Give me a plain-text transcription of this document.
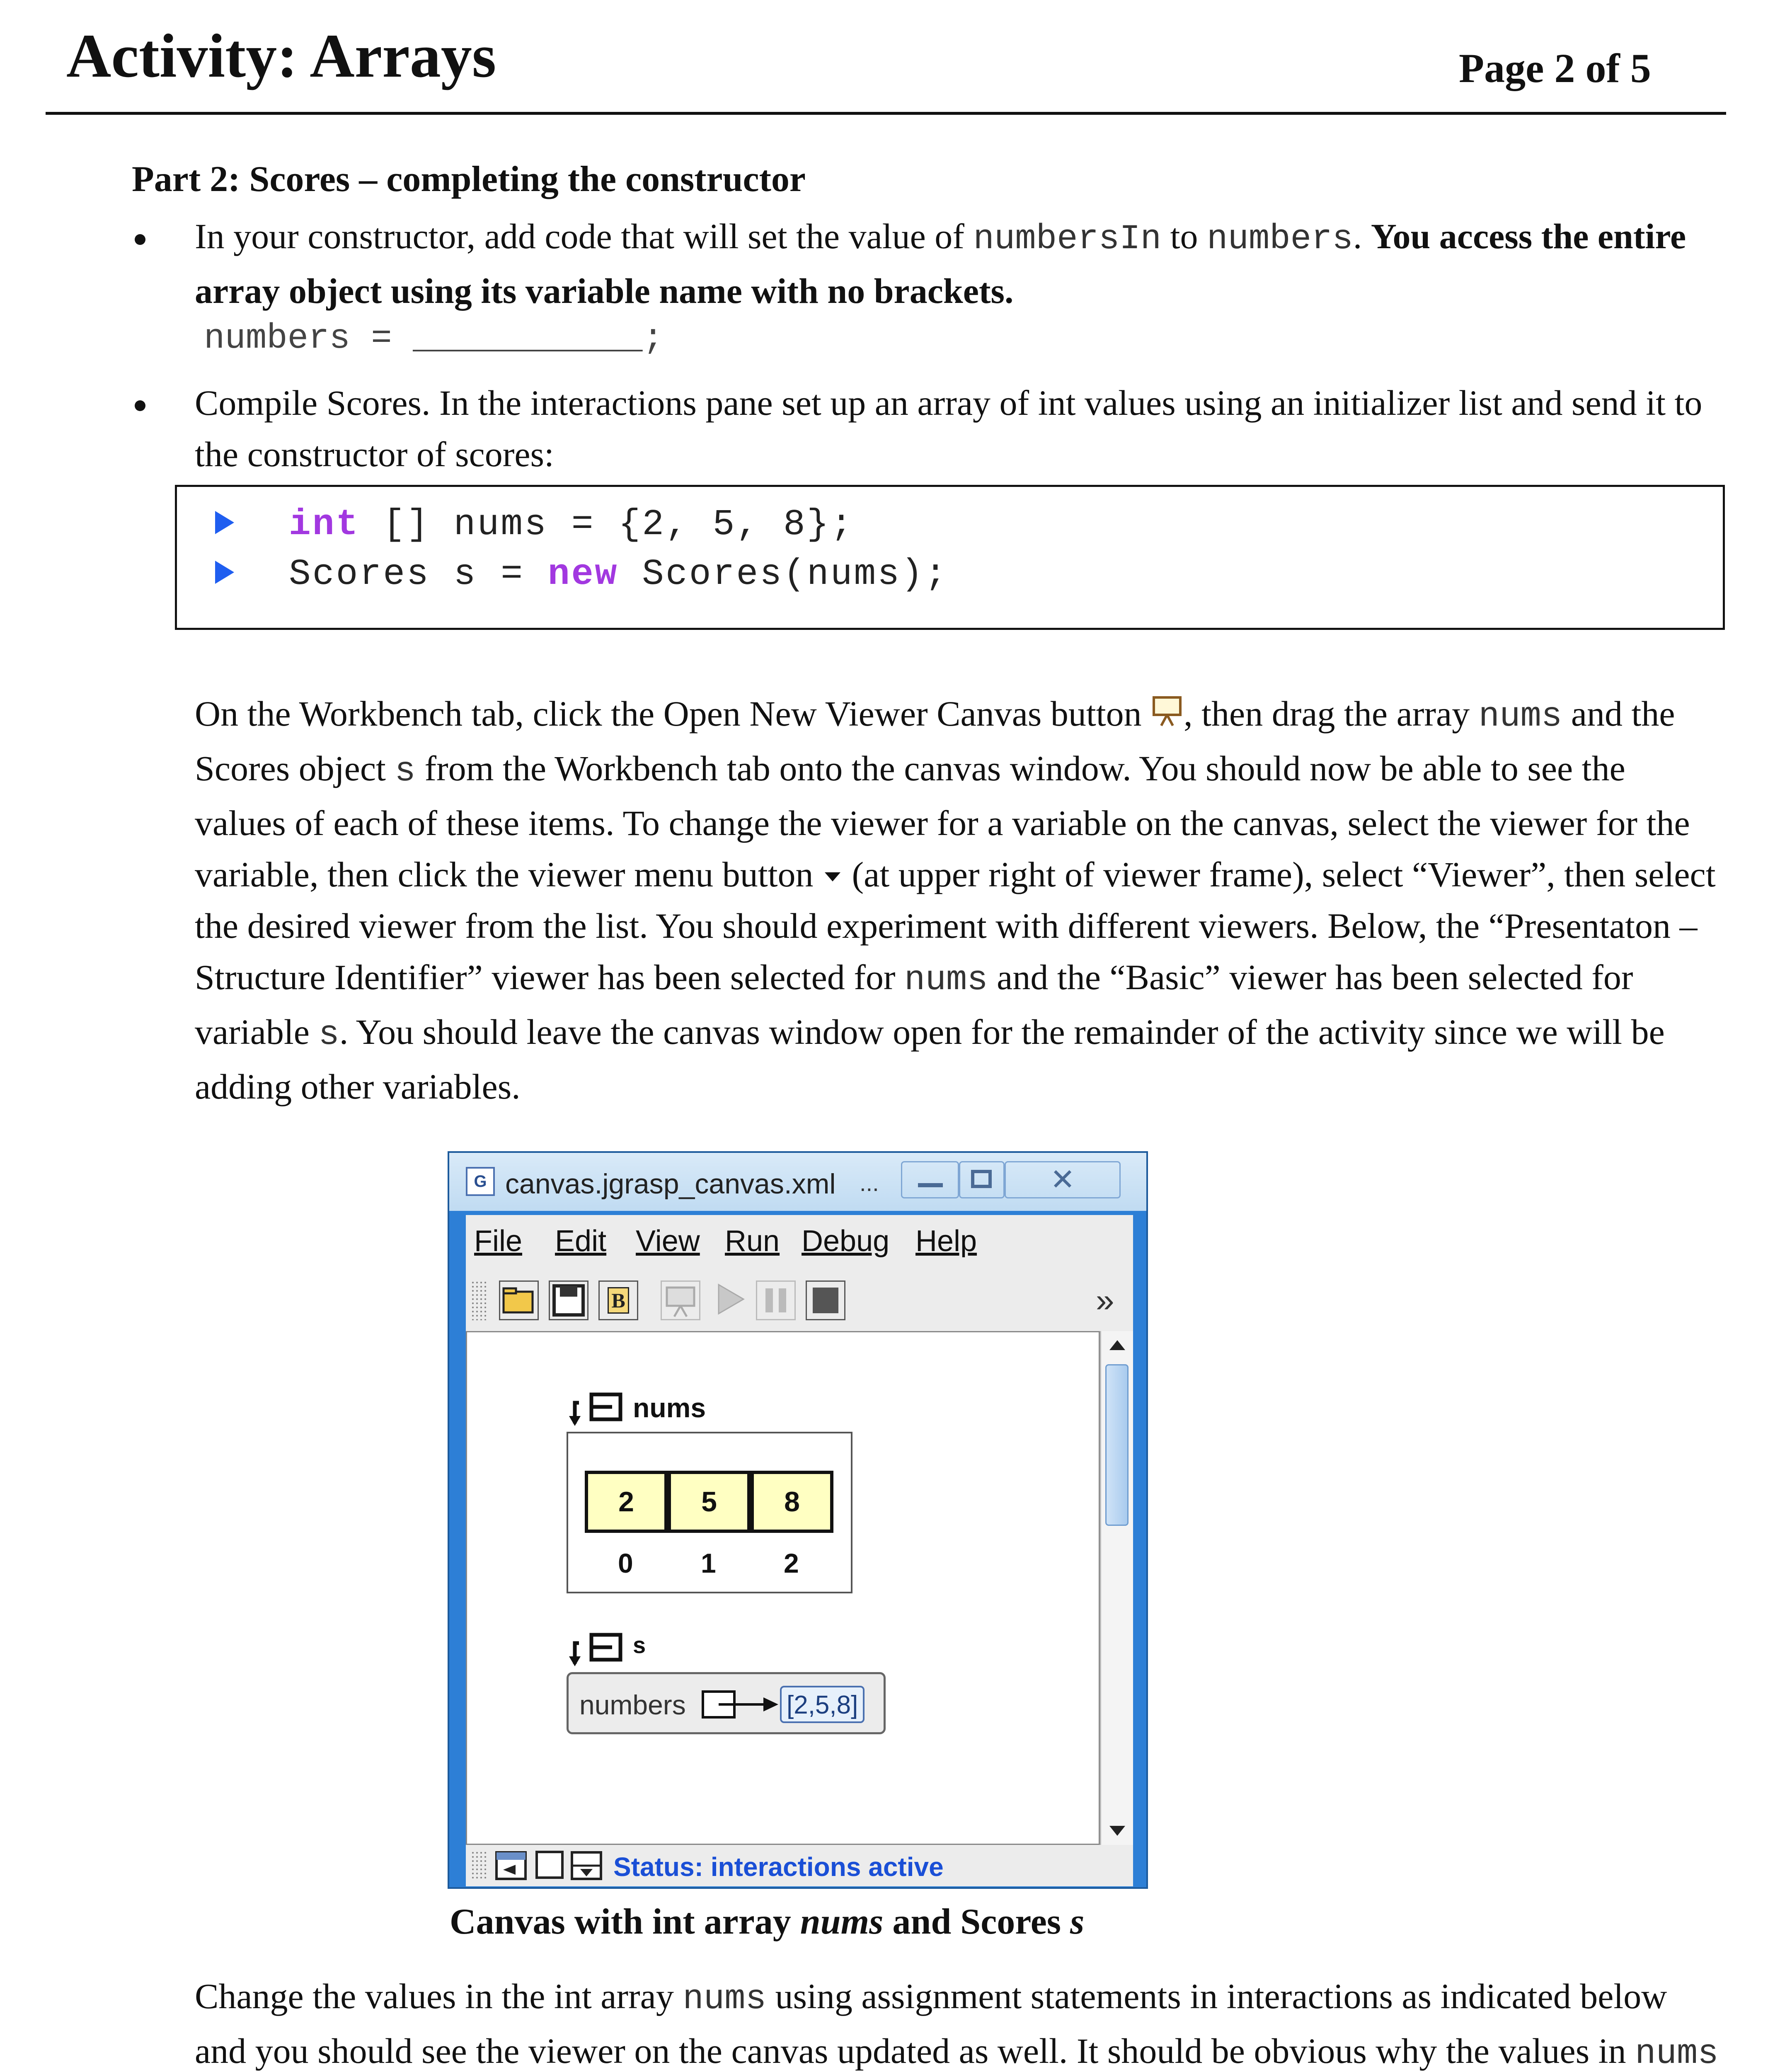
Activity: Arrays	Page 2 of 5
Part 2: Scores – completing the constructor
In your constructor, add code that will set the value of numbersIn to numbers. You access the entire array object using its variable name with no brackets.
numbers = ___________;
Compile Scores. In the interactions pane set up an array of int values using an initializer list and send it to the constructor of scores:
int [] nums = {2, 5, 8};
Scores s = new Scores(nums);
On the Workbench tab, click the Open New Viewer Canvas button , then drag the array nums and the Scores object s from the Workbench tab onto the canvas window. You should now be able to see the values of each of these items. To change the viewer for a variable on the canvas, select the viewer for the variable, then click the viewer menu button  (at upper right of viewer frame), select “Viewer”, then select the desired viewer from the list. You should experiment with different viewers. Below, the “Presentaton – Structure Identifier” viewer has been selected for nums and the “Basic” viewer has been selected for variable s. You should leave the canvas window open for the remainder of the activity since we will be adding other variables.
G canvas.jgrasp_canvas.xml ...	✕
File Edit View Run Debug Help
B	»
nums
2	5	8
0 1 2
s
numbers	[2,5,8]
Status: interactions active
Canvas with int array nums and Scores s
Change the values in the int array nums using assignment statements in interactions as indicated below and you should see the viewer on the canvas updated as well. It should be obvious why the values in nums
